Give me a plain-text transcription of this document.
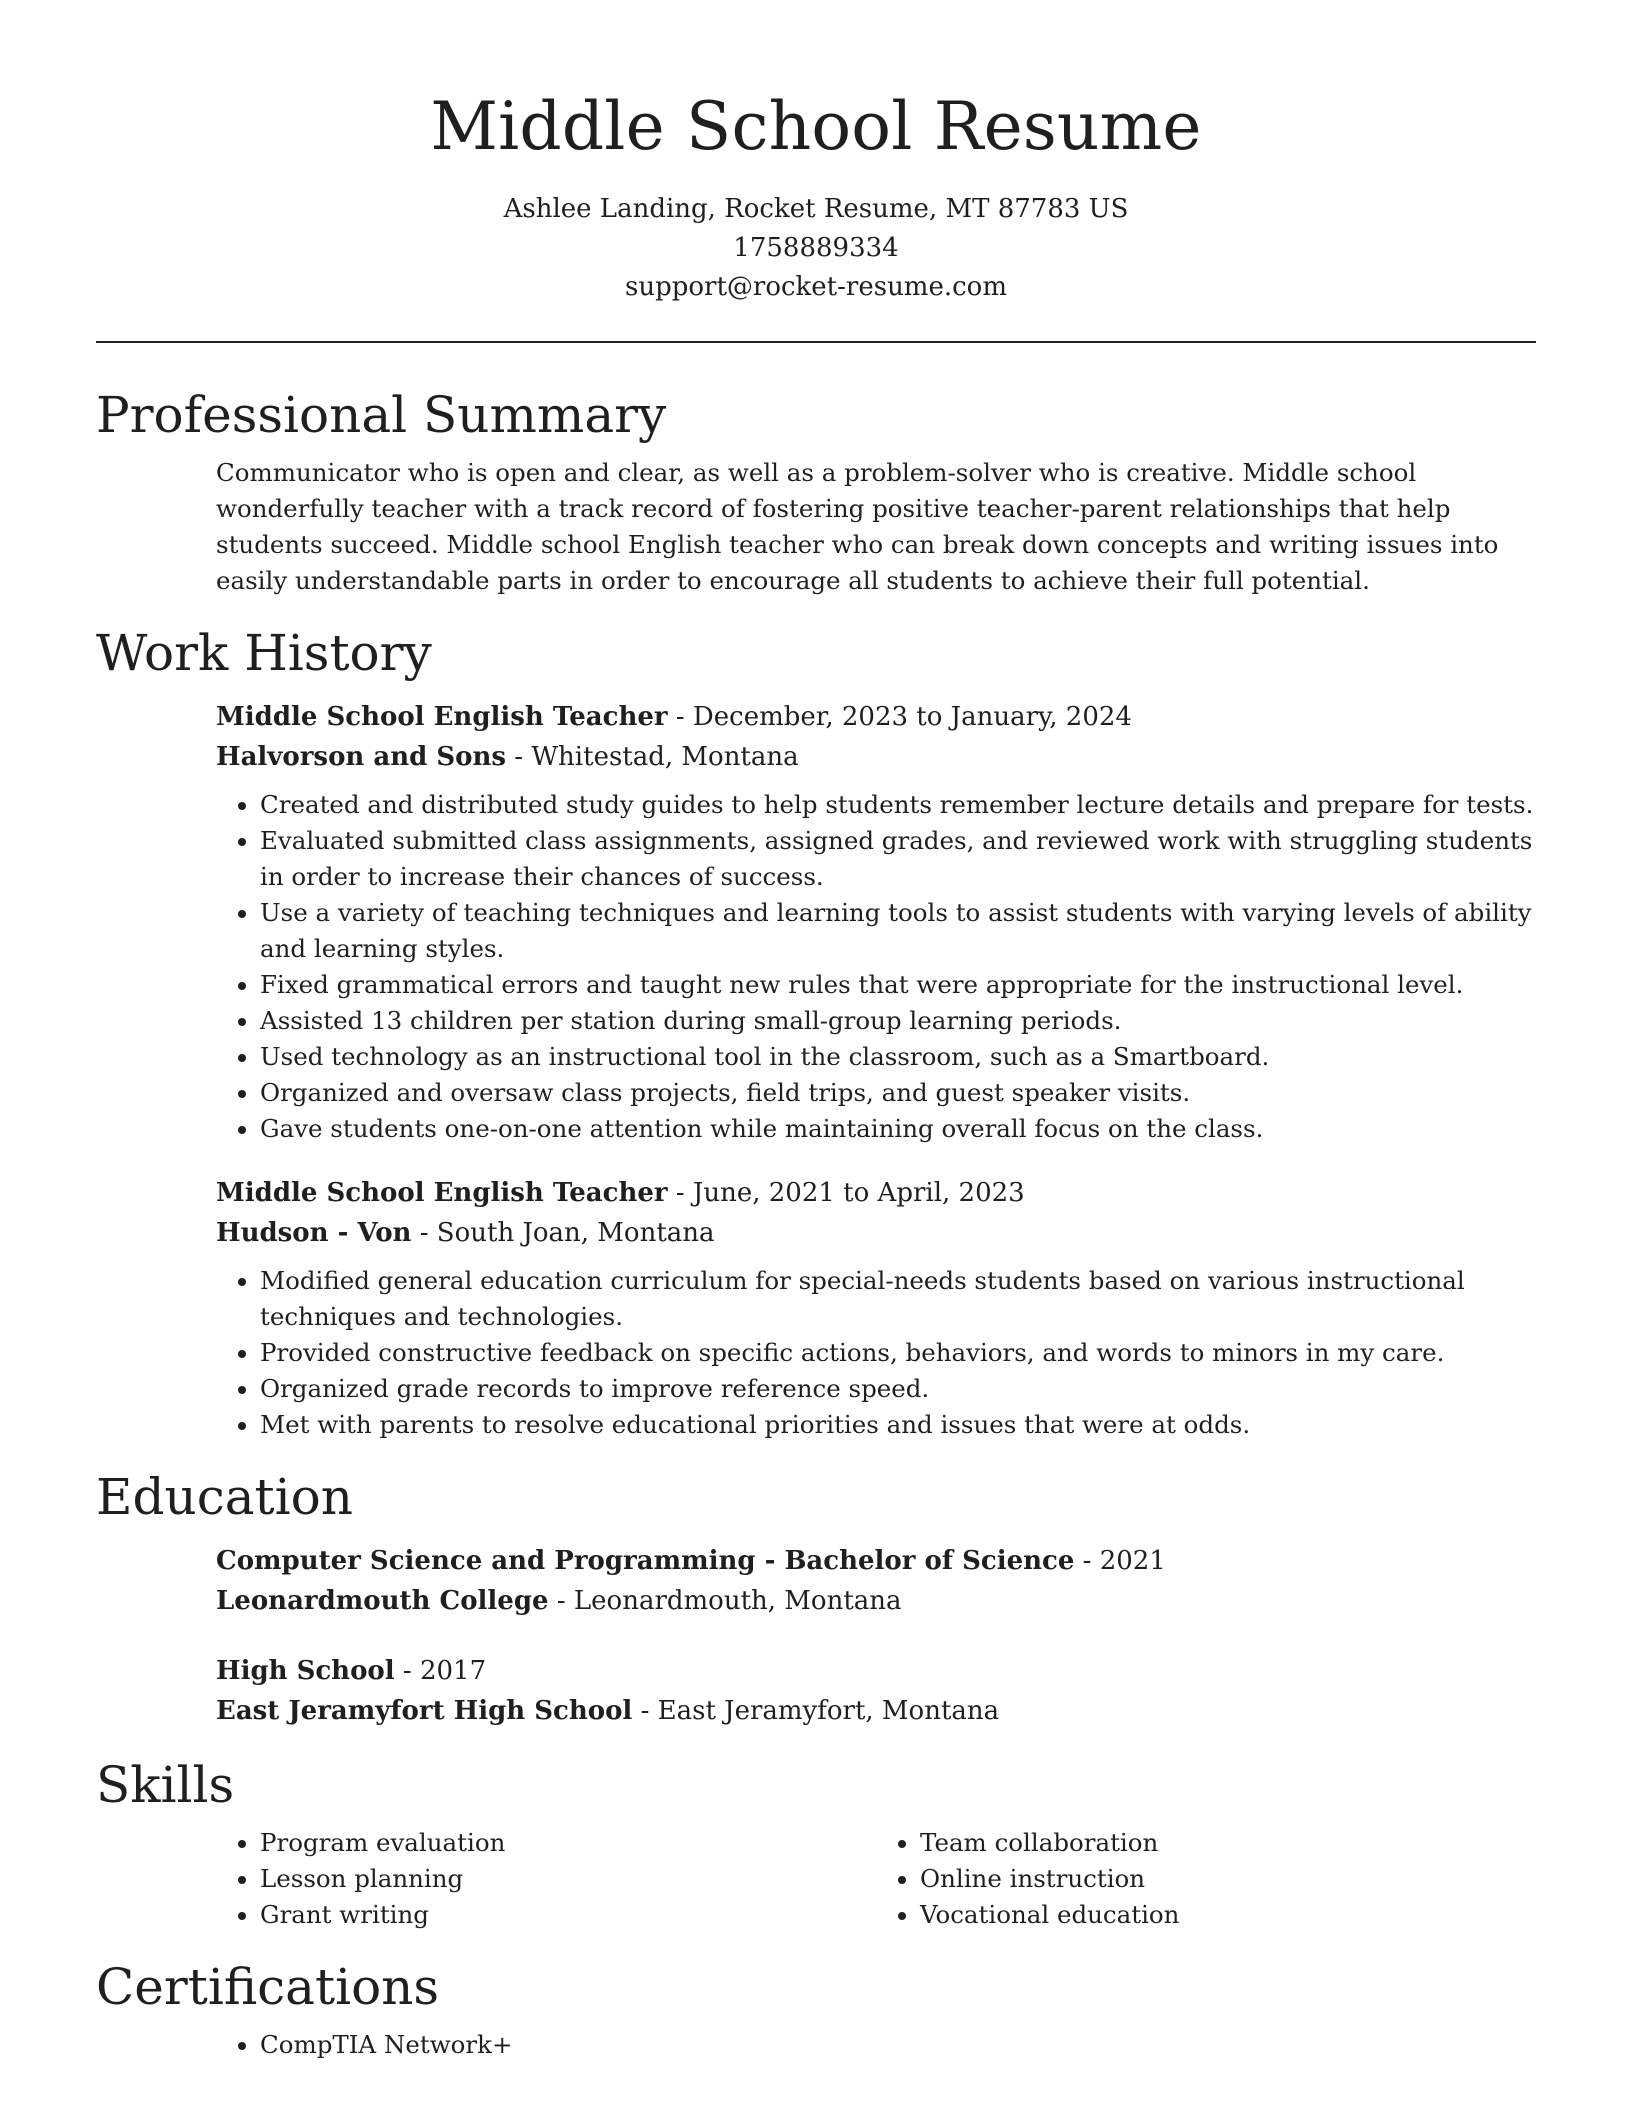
Middle School Resume
Ashlee Landing, Rocket Resume, MT 87783 US
1758889334
support@rocket-resume.com
Professional Summary

Communicator who is open and clear, as well as a problem-solver who is creative. Middle school wonderfully teacher with a track record of fostering positive teacher-parent relationships that help students succeed. Middle school English teacher who can break down concepts and writing issues into easily understandable parts in order to encourage all students to achieve their full potential.

Work History
Middle School English Teacher - December, 2023 to January, 2024
Halvorson and Sons - Whitestad, Montana
• Created and distributed study guides to help students remember lecture details and prepare for tests.
• Evaluated submitted class assignments, assigned grades, and reviewed work with struggling students in order to increase their chances of success.
• Use a variety of teaching techniques and learning tools to assist students with varying levels of ability and learning styles.
• Fixed grammatical errors and taught new rules that were appropriate for the instructional level.
• Assisted 13 children per station during small-group learning periods.
• Used technology as an instructional tool in the classroom, such as a Smartboard.
• Organized and oversaw class projects, field trips, and guest speaker visits.
• Gave students one-on-one attention while maintaining overall focus on the class.
Middle School English Teacher - June, 2021 to April, 2023
Hudson - Von - South Joan, Montana
• Modified general education curriculum for special-needs students based on various instructional techniques and technologies.
• Provided constructive feedback on specific actions, behaviors, and words to minors in my care.
• Organized grade records to improve reference speed.
• Met with parents to resolve educational priorities and issues that were at odds.
Education
Computer Science and Programming - Bachelor of Science - 2021
Leonardmouth College - Leonardmouth, Montana
High School - 2017
East Jeramyfort High School - East Jeramyfort, Montana
Skills
• Program evaluation
• Lesson planning
• Grant writing
• Team collaboration
• Online instruction
• Vocational education
Certifications
• CompTIA Network+
